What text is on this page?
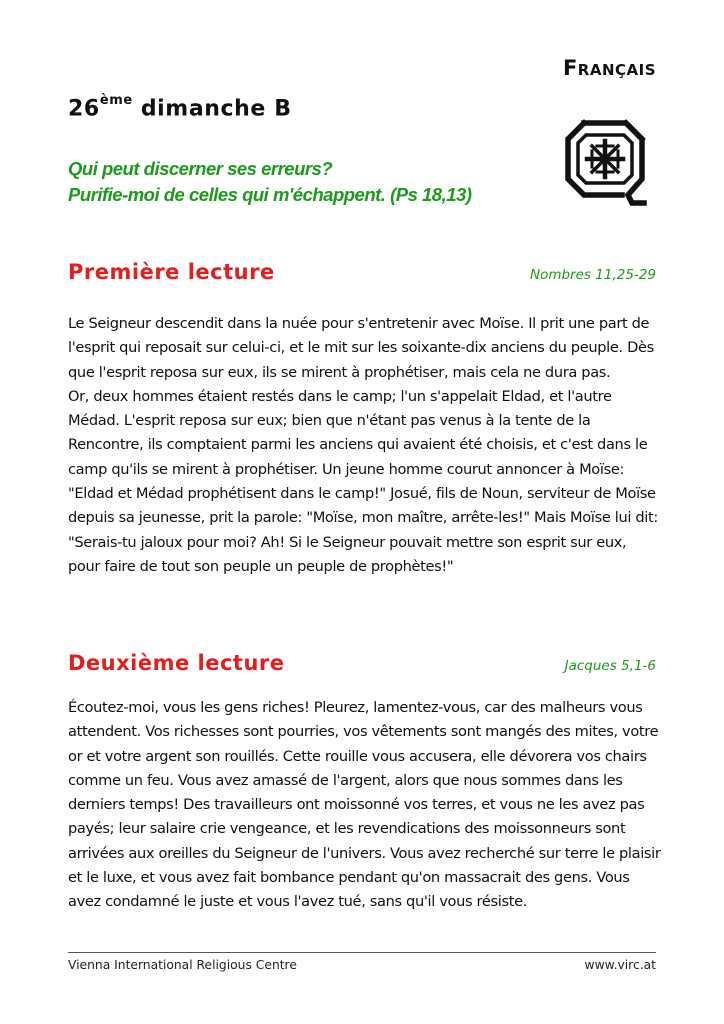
Français
26ème dimanche B
Qui peut discerner ses erreurs?
Purifie-moi de celles qui m'échappent. (Ps 18,13)
Première lecture	Nombres 11,25-29

Le Seigneur descendit dans la nuée pour s'entretenir avec Moïse. Il prit une part de l'esprit qui reposait sur celui-ci, et le mit sur les soixante-dix anciens du peuple. Dès que l'esprit reposa sur eux, ils se mirent à prophétiser, mais cela ne dura pas.

Or, deux hommes étaient restés dans le camp; l'un s'appelait Eldad, et l'autre Médad. L'esprit reposa sur eux; bien que n'étant pas venus à la tente de la Rencontre, ils comptaient parmi les anciens qui avaient été choisis, et c'est dans le camp qu'ils se mirent à prophétiser. Un jeune homme courut annoncer à Moïse: "Eldad et Médad prophétisent dans le camp!" Josué, fils de Noun, serviteur de Moïse depuis sa jeunesse, prit la parole: "Moïse, mon maître, arrête-les!" Mais Moïse lui dit: "Serais-tu jaloux pour moi? Ah! Si le Seigneur pouvait mettre son esprit sur eux, pour faire de tout son peuple un peuple de prophètes!"

Deuxième lecture	Jacques 5,1-6

Écoutez-moi, vous les gens riches! Pleurez, lamentez-vous, car des malheurs vous attendent. Vos richesses sont pourries, vos vêtements sont mangés des mites, votre or et votre argent son rouillés. Cette rouille vous accusera, elle dévorera vos chairs comme un feu. Vous avez amassé de l'argent, alors que nous sommes dans les derniers temps! Des travailleurs ont moissonné vos terres, et vous ne les avez pas payés; leur salaire crie vengeance, et les revendications des moissonneurs sont arrivées aux oreilles du Seigneur de l'univers. Vous avez recherché sur terre le plaisir et le luxe, et vous avez fait bombance pendant qu'on massacrait des gens. Vous avez condamné le juste et vous l'avez tué, sans qu'il vous résiste.

Vienna International Religious Centre	www.virc.at
